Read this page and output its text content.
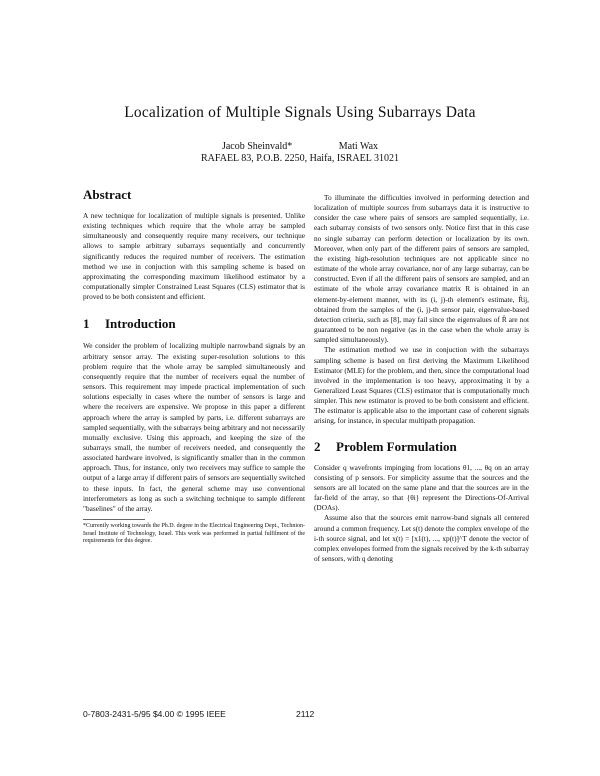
Localization of Multiple Signals Using Subarrays Data
Jacob Sheinvald*	Mati Wax
RAFAEL 83, P.O.B. 2250, Haifa, ISRAEL 31021
Abstract

A new technique for localization of multiple signals is presented. Unlike existing techniques which require that the whole array be sampled simultaneously and consequently require many receivers, our technique allows to sample arbitrary subarrays sequentially and concurrently significantly reduces the required number of receivers. The estimation method we use in conjuction with this sampling scheme is based on approximating the corresponding maximum likelihood estimator by a computationally simpler Constrained Least Squares (CLS) estimator that is proved to be both consistent and efficient.

1 Introduction

We consider the problem of localizing multiple narrowband signals by an arbitrary sensor array. The existing super-resolution solutions to this problem require that the whole array be sampled simultaneously and consequently require that the number of receivers equal the number of sensors. This requirement may impede practical implementation of such solutions especially in cases where the number of sensors is large and where the receivers are expensive. We propose in this paper a different approach where the array is sampled by parts, i.e. different subarrays are sampled sequentially, with the subarrays being arbitrary and not necessarily mutually exclusive. Using this approach, and keeping the size of the subarrays small, the number of receivers needed, and consequently the associated hardware involved, is significantly smaller than in the common approach. Thus, for instance, only two receivers may suffice to sample the output of a large array if different pairs of sensors are sequentially switched to these inputs. In fact, the general scheme may use conventional interferometers as long as such a switching technique to sample different "baselines" of the array.

*Currently working towards the Ph.D. degree in the Electrical Engineering Dept., Technion-Israel Institute of Technology, Israel. This work was performed in partial fulfilment of the requirements for this degree.

To illuminate the difficulties involved in performing detection and localization of multiple sources from subarrays data it is instructive to consider the case where pairs of sensors are sampled sequentially, i.e. each subarray consists of two sensors only. Notice first that in this case no single subarray can perform detection or localization by its own. Moreover, when only part of the different pairs of sensors are sampled, the existing high-resolution techniques are not applicable since no estimate of the whole array covariance, nor of any large subarray, can be constructed. Even if all the different pairs of sensors are sampled, and an estimate of the whole array covariance matrix R is obtained in an element-by-element manner, with its (i, j)-th element's estimate, R̂ij, obtained from the samples of the (i, j)-th sensor pair, eigenvalue-based detection criteria, such as [8], may fail since the eigenvalues of R̂ are not guaranteed to be non negative (as in the case when the whole array is sampled simultaneously).

The estimation method we use in conjuction with the subarrays sampling scheme is based on first deriving the Maximum Likelihood Estimator (MLE) for the problem, and then, since the computational load involved in the implementation is too heavy, approximating it by a Generalized Least Squares (CLS) estimator that is computationally much simpler. This new estimator is proved to be both consistent and efficient. The estimator is applicable also to the important case of coherent signals arising, for instance, in specular multipath propagation.

2 Problem Formulation

Consider q wavefronts impinging from locations θ1, ..., θq on an array consisting of p sensors. For simplicity assume that the sources and the sensors are all located on the same plane and that the sources are in the far-field of the array, so that {θi} represent the Directions-Of-Arrival (DOAs).

Assume also that the sources emit narrow-band signals all centered around a common frequency. Let s(t) denote the complex envelope of the i-th source signal, and let x(t) = [x1(t), ..., xp(t)]^T denote the vector of complex envelopes formed from the signals received by the k-th subarray of sensors, with q denoting

0-7803-2431-5/95 $4.00 © 1995 IEEE	2112
